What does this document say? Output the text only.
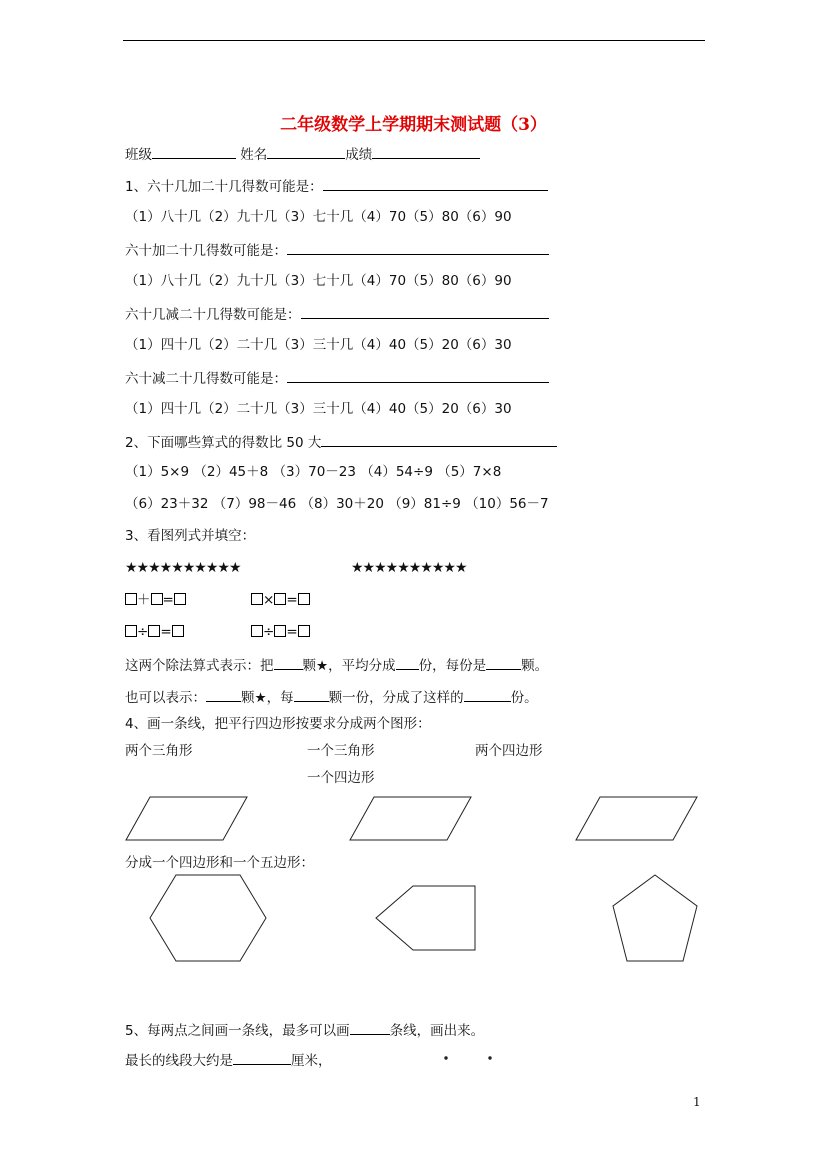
二年级数学上学期期末测试题（3）
班级	姓名	成绩
1、六十几加二十几得数可能是：
（1）八十几（2）九十几（3）七十几（4）70（5）80（6）90
六十加二十几得数可能是：
（1）八十几（2）九十几（3）七十几（4）70（5）80（6）90
六十几减二十几得数可能是：
（1）四十几（2）二十几（3）三十几（4）40（5）20（6）30
六十减二十几得数可能是：
（1）四十几（2）二十几（3）三十几（4）40（5）20（6）30
2、下面哪些算式的得数比 50 大
（1）5×9 （2）45＋8 （3）70－23 （4）54÷9 （5）7×8
（6）23＋32 （7）98－46 （8）30＋20 （9）81÷9 （10）56－7
3、看图列式并填空：
★★★★★★★★★★	★★★★★★★★★★
＋ =	× =
÷ =	÷ =
这两个除法算式表示：把 颗★，平均分成 份，每份是	颗。
也可以表示：	颗★，每	颗一份，分成了这样的	份。
4、画一条线，把平行四边形按要求分成两个图形：
两个三角形	一个三角形
一个四边形
两个四边形
分成一个四边形和一个五边形：
5、每两点之间画一条线，最多可以画	条线，画出来。
最长的线段大约是	厘米，
1
